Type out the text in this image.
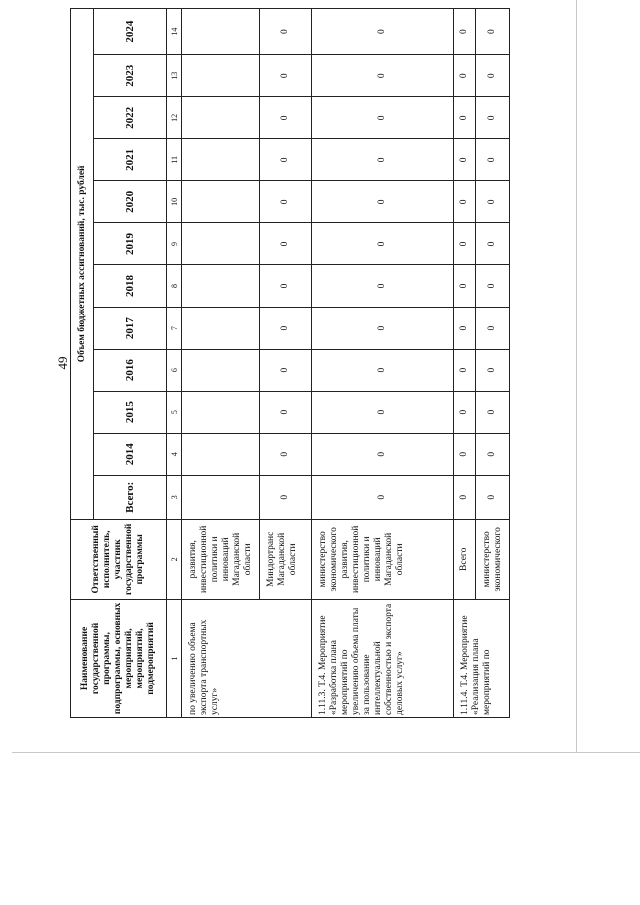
49
Наименование государственной программы, подпрограммы, основных мероприятий, мероприятий, подмероприятий	Ответственный исполнитель, участник государственной программы	Объем бюджетных ассигнований, тыс. рублей											
		Всего:	2014	2015	2016	2017	2018	2019	2020	2021	2022	2023	2024
1	2	3	4	5	6	7	8	9	10	11	12	13	14
по увеличению объема экспорта транспортных услуг»	развития, инвестиционной политики и инноваций Магаданской области												
	Миндортранс Магаданской области	0	0	0	0	0	0	0	0	0	0	0	0
1.11.3. Т.4. Мероприятие «Разработка плана мероприятий по увеличению объема платы за пользование интеллектуальной собственностью и экспорта деловых услуг»	министерство экономического развития, инвестиционной политики и инноваций Магаданской области	0	0	0	0	0	0	0	0	0	0	0	0
1.11.4. Т.4. Мероприятие «Реализация плана мероприятий по	Всего	0	0	0	0	0	0	0	0	0	0	0	0
	министерство экономического	0	0	0	0	0	0	0	0	0	0	0	0
